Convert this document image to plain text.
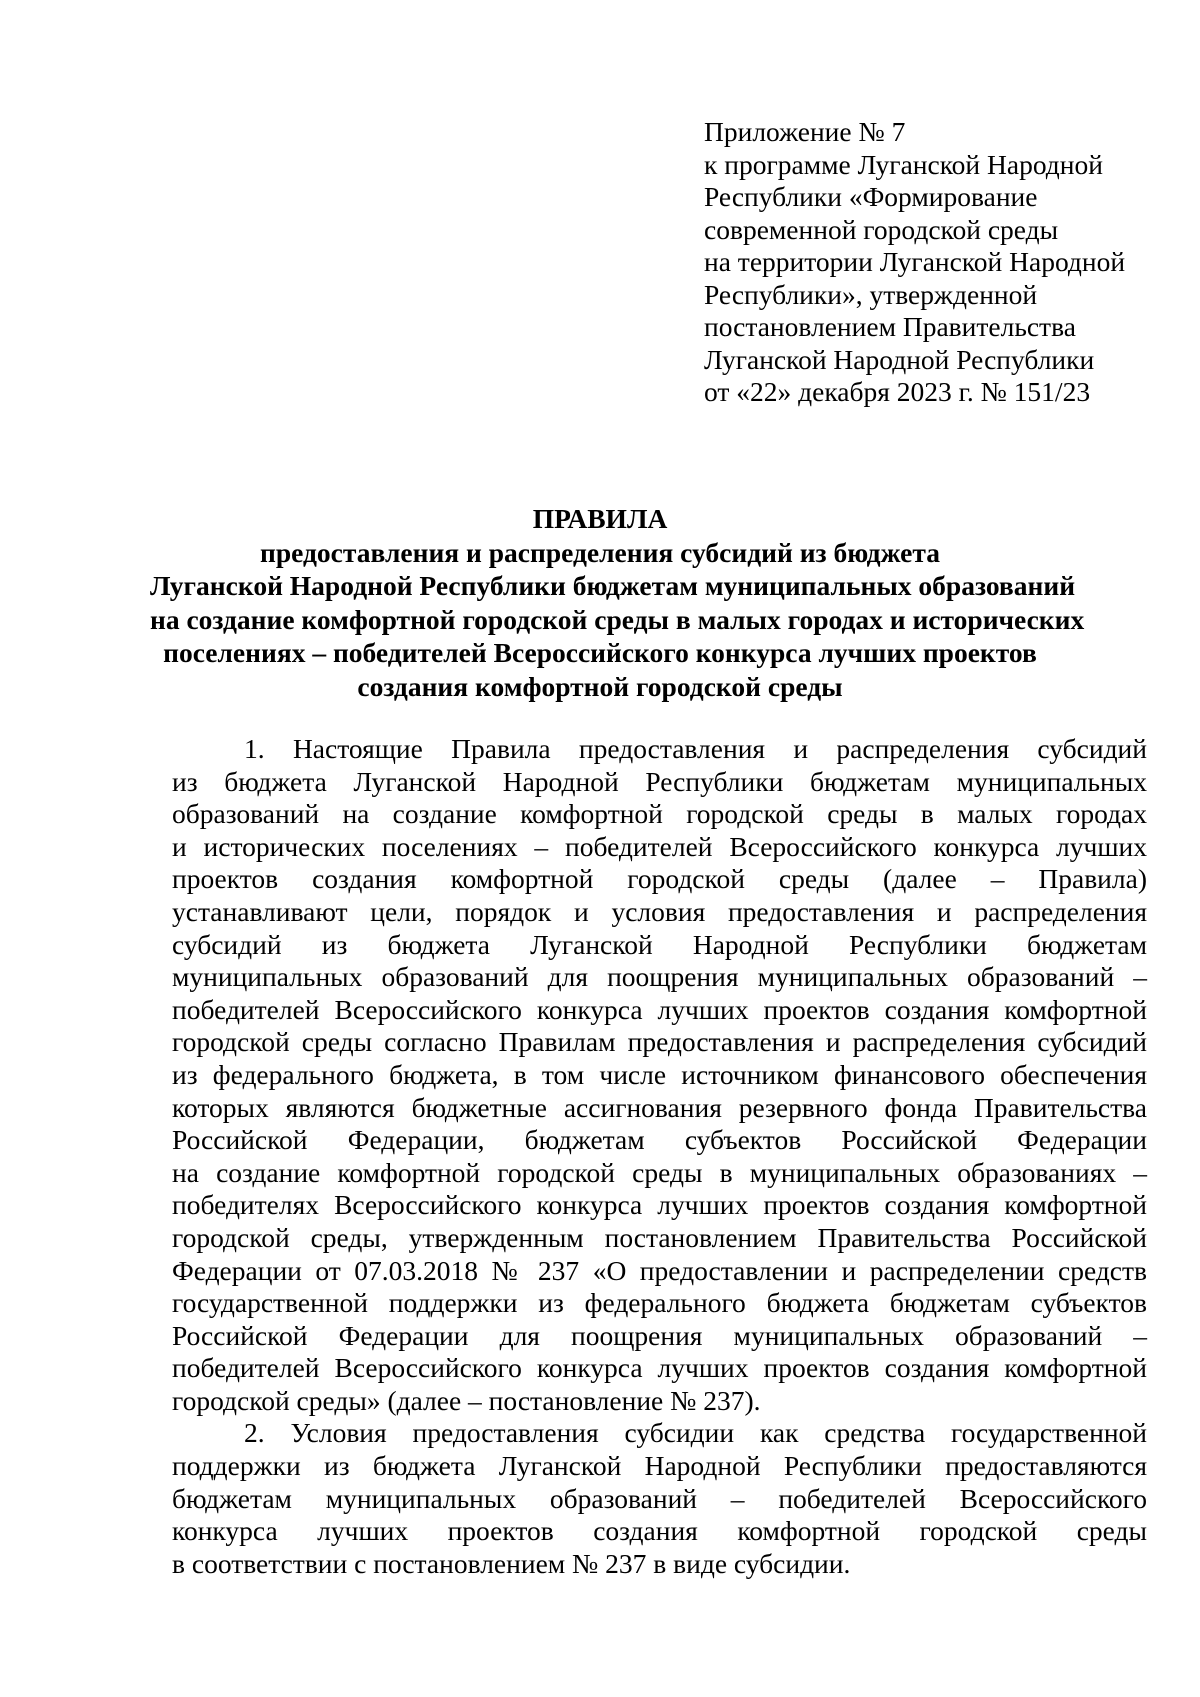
Приложение № 7
к программе Луганской Народной
Республики «Формирование
современной городской среды
на территории Луганской Народной
Республики», утвержденной
постановлением Правительства
Луганской Народной Республики
от «22» декабря 2023 г. № 151/23
ПРАВИЛА
предоставления и распределения субсидий из бюджета
Луганской Народной Республики бюджетам муниципальных образований
на создание комфортной городской среды в малых городах и исторических
поселениях – победителей Всероссийского конкурса лучших проектов
создания комфортной городской среды
1. Настоящие Правила предоставления и распределения субсидий
из бюджета Луганской Народной Республики бюджетам муниципальных
образований на создание комфортной городской среды в малых городах
и исторических поселениях – победителей Всероссийского конкурса лучших
проектов создания комфортной городской среды (далее – Правила)
устанавливают цели, порядок и условия предоставления и распределения
субсидий из бюджета Луганской Народной Республики бюджетам
муниципальных образований для поощрения муниципальных образований –
победителей Всероссийского конкурса лучших проектов создания комфортной
городской среды согласно Правилам предоставления и распределения субсидий
из федерального бюджета, в том числе источником финансового обеспечения
которых являются бюджетные ассигнования резервного фонда Правительства
Российской Федерации, бюджетам субъектов Российской Федерации
на создание комфортной городской среды в муниципальных образованиях –
победителях Всероссийского конкурса лучших проектов создания комфортной
городской среды, утвержденным постановлением Правительства Российской
Федерации от 07.03.2018 № 237 «О предоставлении и распределении средств
государственной поддержки из федерального бюджета бюджетам субъектов
Российской Федерации для поощрения муниципальных образований –
победителей Всероссийского конкурса лучших проектов создания комфортной
городской среды» (далее – постановление № 237).
2. Условия предоставления субсидии как средства государственной
поддержки из бюджета Луганской Народной Республики предоставляются
бюджетам муниципальных образований – победителей Всероссийского
конкурса лучших проектов создания комфортной городской среды
в соответствии с постановлением № 237 в виде субсидии.
